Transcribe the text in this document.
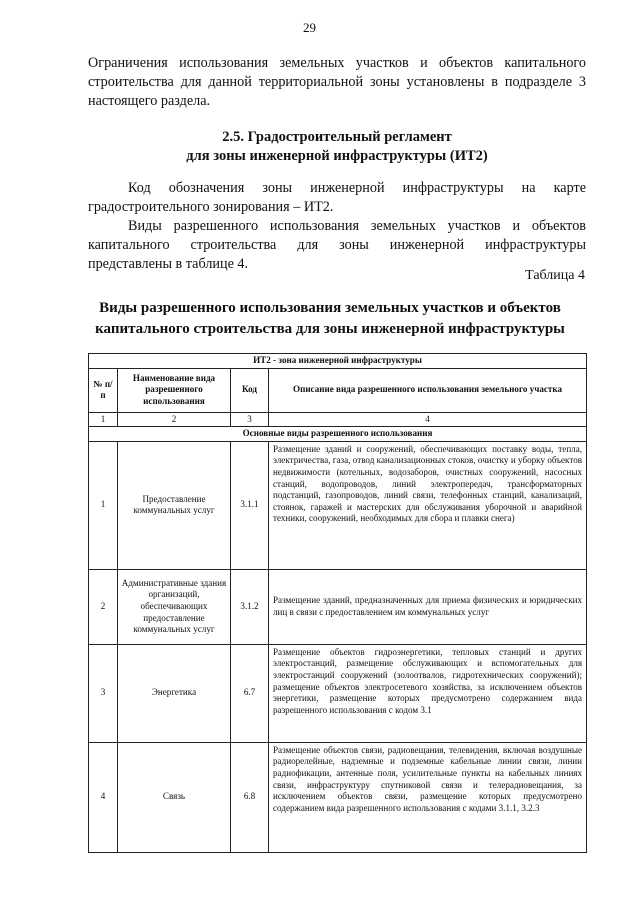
29
Ограничения использования земельных участков и объектов капитального строительства для данной территориальной зоны установлены в подразделе 3 настоящего раздела.
2.5. Градостроительный регламент
для зоны инженерной инфраструктуры (ИТ2)
Код обозначения зоны инженерной инфраструктуры на карте градостроительного зонирования – ИТ2.
Виды разрешенного использования земельных участков и объектов капитального строительства для зоны инженерной инфраструктуры представлены в таблице 4.
Таблица 4
Виды разрешенного использования земельных участков и объектов
капитального строительства для зоны инженерной инфраструктуры
ИТ2 - зона инженерной инфраструктуры			
№ п/п	Наименование вида разрешенного использования	Код	Описание вида разрешенного использования земельного участка
1	2	3	4
Основные виды разрешенного использования			
1	Предоставление коммунальных услуг	3.1.1	Размещение зданий и сооружений, обеспечивающих поставку воды, тепла, электричества, газа, отвод канализационных стоков, очистку и уборку объектов недвижимости (котельных, водозаборов, очистных сооружений, насосных станций, водопроводов, линий электропередач, трансформаторных подстанций, газопроводов, линий связи, телефонных станций, канализаций, стоянок, гаражей и мастерских для обслуживания уборочной и аварийной техники, сооружений, необходимых для сбора и плавки снега)
2	Административные здания организаций, обеспечивающих предоставление коммунальных услуг	3.1.2	Размещение зданий, предназначенных для приема физических и юридических лиц в связи с предоставлением им коммунальных услуг
3	Энергетика	6.7	Размещение объектов гидроэнергетики, тепловых станций и других электростанций, размещение обслуживающих и вспомогательных для электростанций сооружений (золоотвалов, гидротехнических сооружений); размещение объектов электросетевого хозяйства, за исключением объектов энергетики, размещение которых предусмотрено содержанием вида разрешенного использования с кодом 3.1
4	Связь	6.8	Размещение объектов связи, радиовещания, телевидения, включая воздушные радиорелейные, надземные и подземные кабельные линии связи, линии радиофикации, антенные поля, усилительные пункты на кабельных линиях связи, инфраструктуру спутниковой связи и телерадиовещания, за исключением объектов связи, размещение которых предусмотрено содержанием вида разрешенного использования с кодами 3.1.1, 3.2.3
